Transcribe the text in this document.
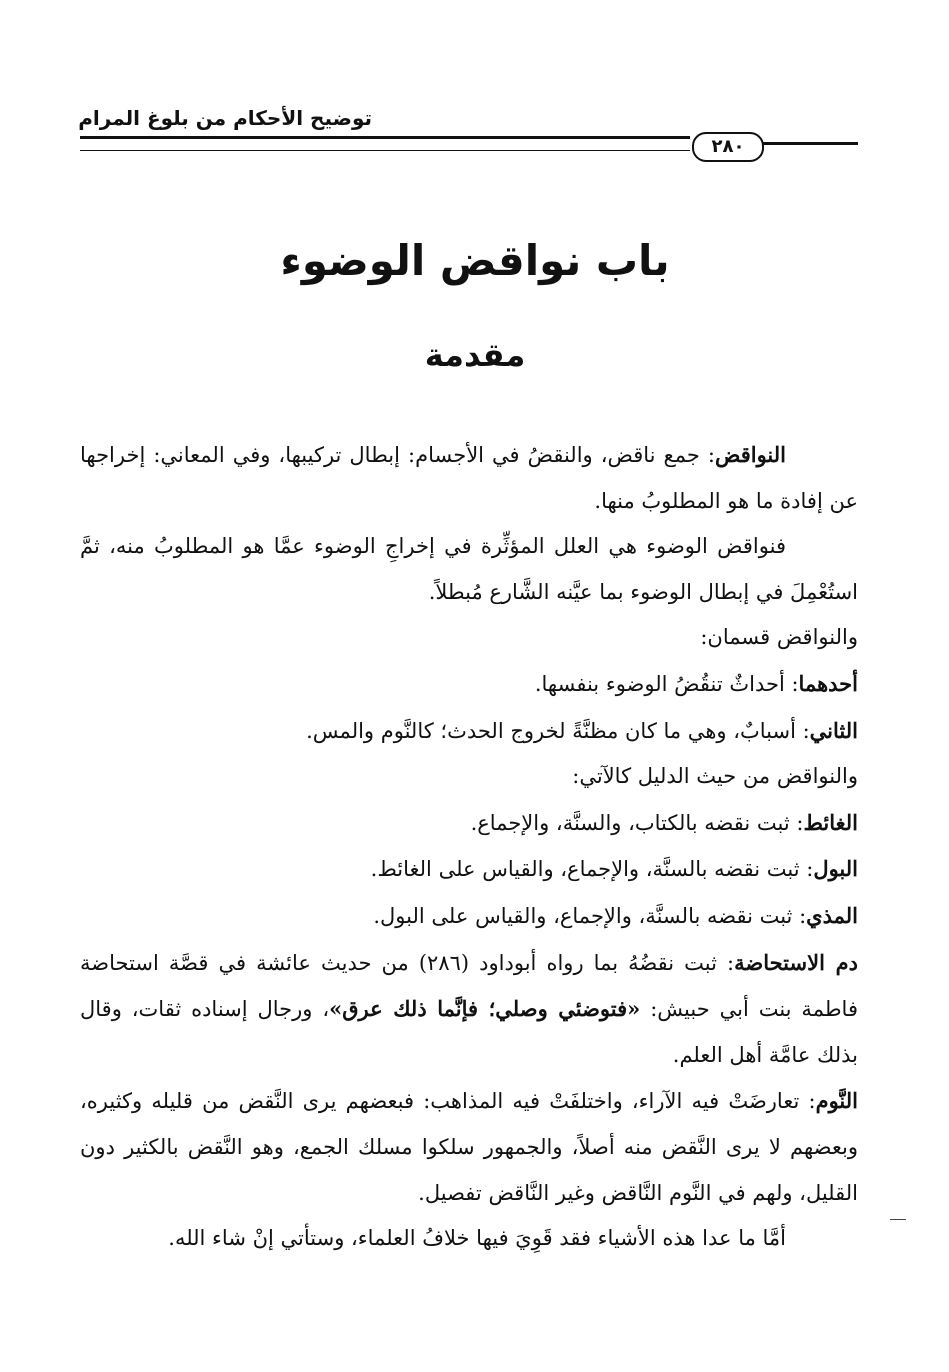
توضيح الأحكام من بلوغ المرام
٢٨٠
باب نواقض الوضوء
مقدمة

النواقض: جمع ناقض، والنقضُ في الأجسام: إبطال تركيبها، وفي المعاني: إخراجها عن إفادة ما هو المطلوبُ منها.

فنواقض الوضوء هي العلل المؤثِّرة في إخراجِ الوضوء عمَّا هو المطلوبُ منه، ثمَّ استُعْمِلَ في إبطال الوضوء بما عيَّنه الشَّارع مُبطلاً.

والنواقض قسمان:

أحدهما: أحداثٌ تنقُضُ الوضوء بنفسها.

الثاني: أسبابٌ، وهي ما كان مظنَّةً لخروج الحدث؛ كالنَّوم والمس.

والنواقض من حيث الدليل كالآتي:

الغائط: ثبت نقضه بالكتاب، والسنَّة، والإجماع.

البول: ثبت نقضه بالسنَّة، والإجماع، والقياس على الغائط.

المذي: ثبت نقضه بالسنَّة، والإجماع، والقياس على البول.

دم الاستحاضة: ثبت نقضُهُ بما رواه أبوداود (٢٨٦) من حديث عائشة في قصَّة استحاضة فاطمة بنت أبي حبيش: «فتوضئي وصلي؛ فإنَّما ذلك عرق»، ورجال إسناده ثقات، وقال بذلك عامَّة أهل العلم.

النَّوم: تعارضَتْ فيه الآراء، واختلفَتْ فيه المذاهب: فبعضهم يرى النَّقض من قليله وكثيره، وبعضهم لا يرى النَّقض منه أصلاً، والجمهور سلكوا مسلك الجمع، وهو النَّقض بالكثير دون القليل، ولهم في النَّوم النَّاقض وغير النَّاقض تفصيل.

أمَّا ما عدا هذه الأشياء فقد قَوِيَ فيها خلافُ العلماء، وستأتي إنْ شاء الله.
